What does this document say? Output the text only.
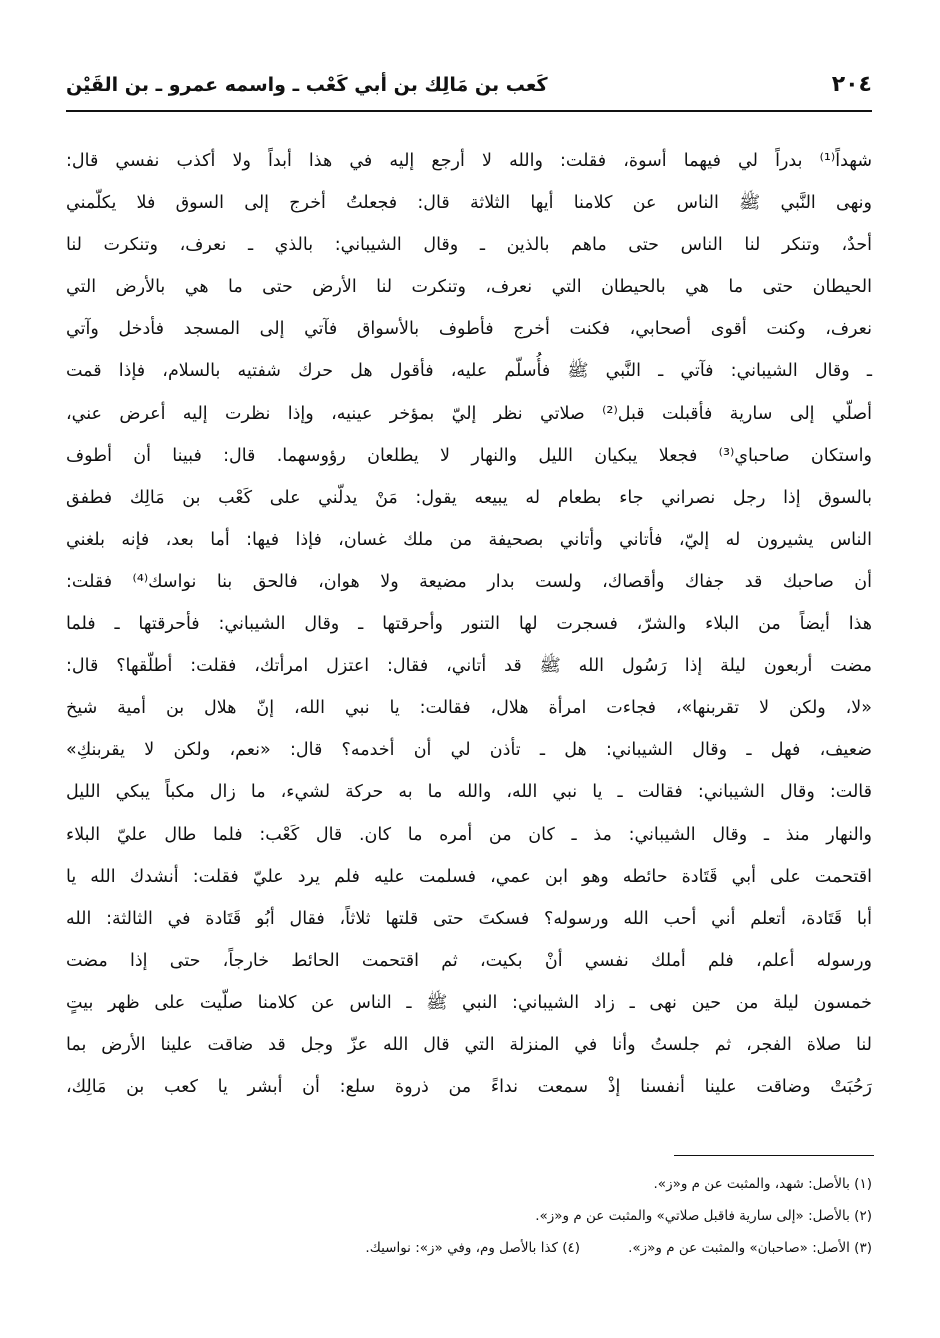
٢٠٤
كَعب بن مَالِك بن أبي كَعْب ـ واسمه عمرو ـ بن القَيْن
شهداً⁽¹⁾ بدراً لي فيهما أسوة، فقلت: والله لا أرجع إليه في هذا أبداً ولا أكذب نفسي قال:
ونهى النَّبي ﷺ الناس عن كلامنا أيها الثلاثة قال: فجعلتُ أخرج إلى السوق فلا يكلّمني
أحدٌ، وتنكر لنا الناس حتى ماهم بالذين ـ وقال الشيباني: بالذي ـ نعرف، وتنكرت لنا
الحيطان حتى ما هي بالحيطان التي نعرف، وتنكرت لنا الأرض حتى ما هي بالأرض التي
نعرف، وكنت أقوى أصحابي، فكنت أخرج فأطوف بالأسواق فآتي إلى المسجد فأدخل وآتي
ـ وقال الشيباني: فآتي ـ النَّبي ﷺ فأُسلّم عليه، فأقول هل حرك شفتيه بالسلام، فإذا قمت
أصلّي إلى سارية فأقبلت قبل⁽²⁾ صلاتي نظر إليّ بمؤخر عينيه، وإذا نظرت إليه أعرض عني،
واستكان صاحباي⁽³⁾ فجعلا يبكيان الليل والنهار لا يطلعان رؤوسهما. قال: فبينا أن أطوف
بالسوق إذا رجل نصراني جاء بطعام له يبيعه يقول: مَنْ يدلّني على كَعْب بن مَالِك فطفق
الناس يشيرون له إليّ، فأتاني وأتاني بصحيفة من ملك غسان، فإذا فيها: أما بعد، فإنه بلغني
أن صاحبك قد جفاك وأقصاك، ولست بدار مضيعة ولا هوان، فالحق بنا نواسك⁽⁴⁾ فقلت:
هذا أيضاً من البلاء والشرّ، فسجرت لها التنور وأحرقتها ـ وقال الشيباني: فأحرقتها ـ فلما
مضت أربعون ليلة إذا رَسُول الله ﷺ قد أتاني، فقال: اعتزل امرأتك، فقلت: أطلّقها؟ قال:
«لا، ولكن لا تقربنها»، فجاءت امرأة هلال، فقالت: يا نبي الله، إنّ هلال بن أمية شيخ
ضعيف، فهل ـ وقال الشيباني: هل ـ تأذن لي أن أخدمه؟ قال: «نعم، ولكن لا يقربنكِ»
قالت: وقال الشيباني: فقالت ـ يا نبي الله، والله ما به حركة لشيء، ما زال مكباً يبكي الليل
والنهار منذ ـ وقال الشيباني: مذ ـ كان من أمره ما كان. قال كَعْب: فلما طال عليّ البلاء
اقتحمت على أبي قَتَادة حائطه وهو ابن عمي، فسلمت عليه فلم يرد عليّ فقلت: أنشدك الله يا
أبا قَتَادة، أتعلم أني أحب الله ورسوله؟ فسكتَ حتى قلتها ثلاثاً، فقال أبُو قَتَادة في الثالثة: الله
ورسوله أعلم، فلم أملك نفسي أنْ بكيت، ثم اقتحمت الحائط خارجاً، حتى إذا مضت
خمسون ليلة من حين نهى ـ زاد الشيباني: النبي ﷺ ـ الناس عن كلامنا صلّيت على ظهر بيتٍ
لنا صلاة الفجر، ثم جلستُ وأنا في المنزلة التي قال الله عزّ وجل قد ضاقت علينا الأرض بما
رَحُبَتْ وضاقت علينا أنفسنا إذْ سمعت نداءً من ذروة سلع: أن أبشر يا كعب بن مَالِك،
(١) بالأصل: شهد، والمثبت عن م و«ز».
(٢) بالأصل: «إلى سارية فاقبل صلاتي» والمثبت عن م و«ز».
(٣) الأصل: «صاحبان» والمثبت عن م و«ز».(٤) كذا بالأصل وم، وفي «ز»: نواسيك.
